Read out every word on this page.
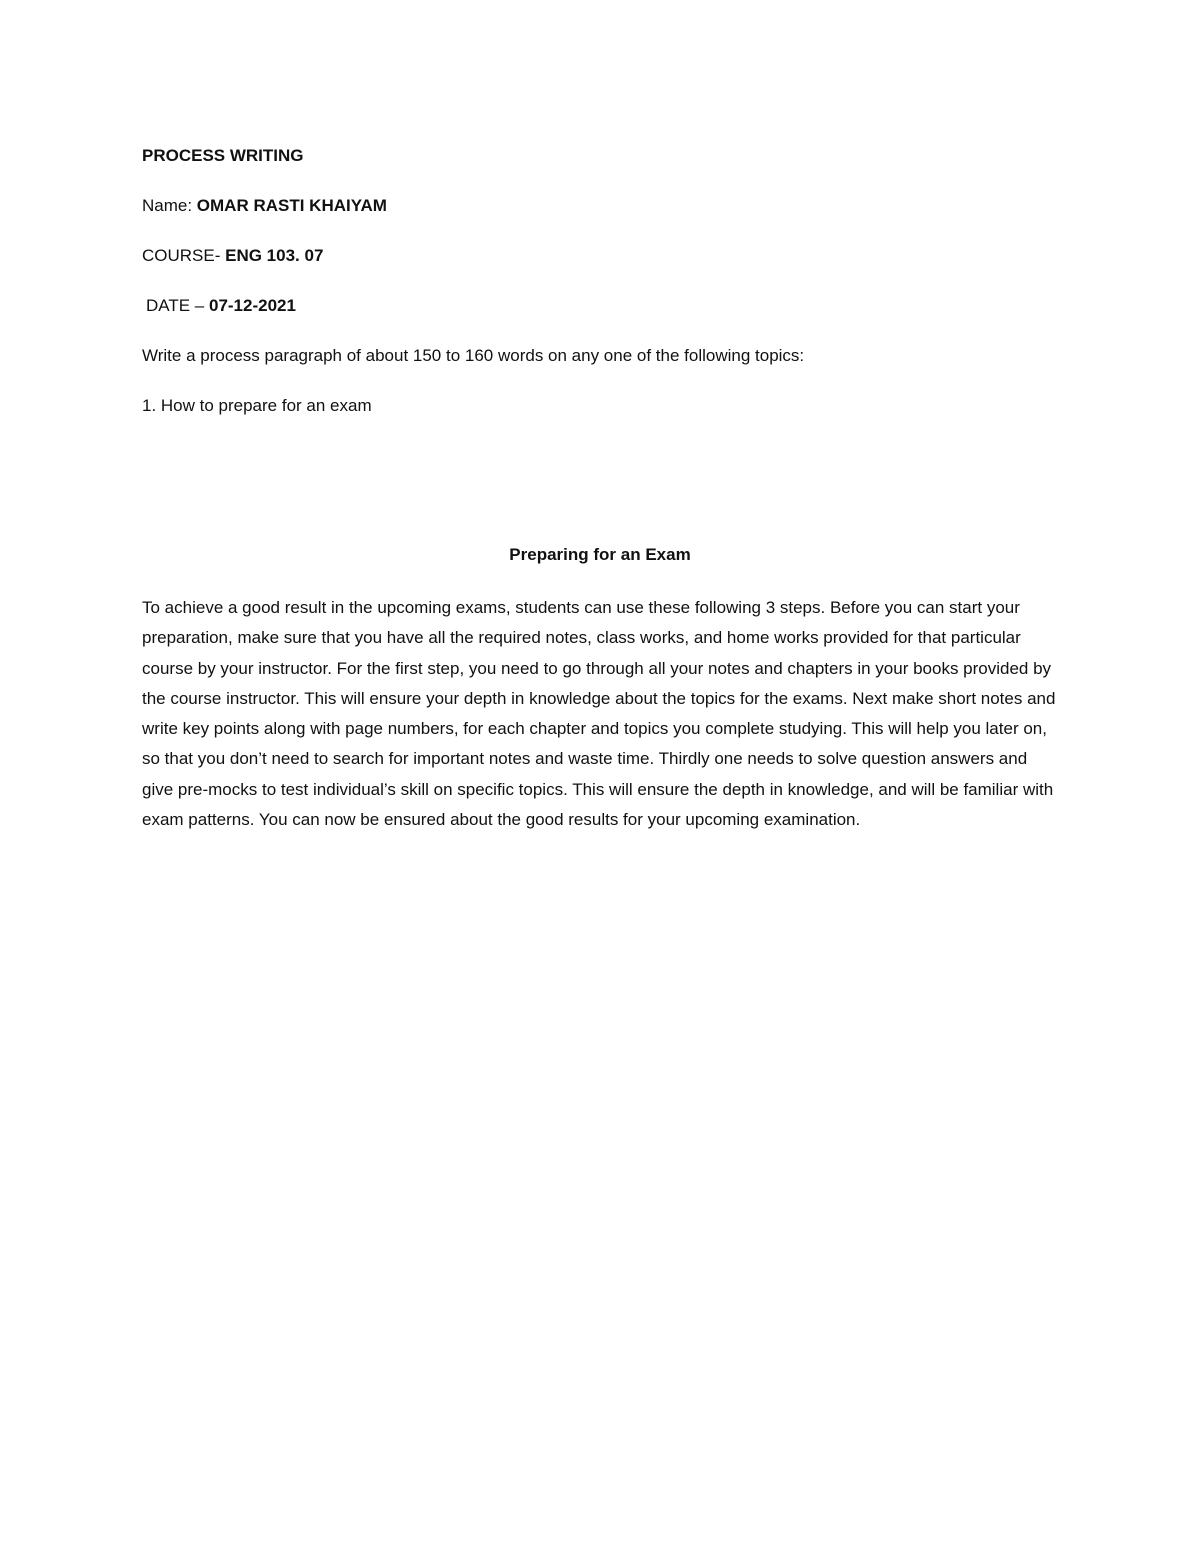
PROCESS WRITING
Name: OMAR RASTI KHAIYAM
COURSE- ENG 103. 07
DATE – 07-12-2021
Write a process paragraph of about 150 to 160 words on any one of the following topics:
1. How to prepare for an exam
Preparing for an Exam

To achieve a good result in the upcoming exams, students can use these following 3 steps. Before you can start your preparation, make sure that you have all the required notes, class works, and home works provided for that particular course by your instructor. For the first step, you need to go through all your notes and chapters in your books provided by the course instructor. This will ensure your depth in knowledge about the topics for the exams. Next make short notes and write key points along with page numbers, for each chapter and topics you complete studying. This will help you later on, so that you don’t need to search for important notes and waste time. Thirdly one needs to solve question answers and give pre-mocks to test individual’s skill on specific topics. This will ensure the depth in knowledge, and will be familiar with exam patterns. You can now be ensured about the good results for your upcoming examination.
